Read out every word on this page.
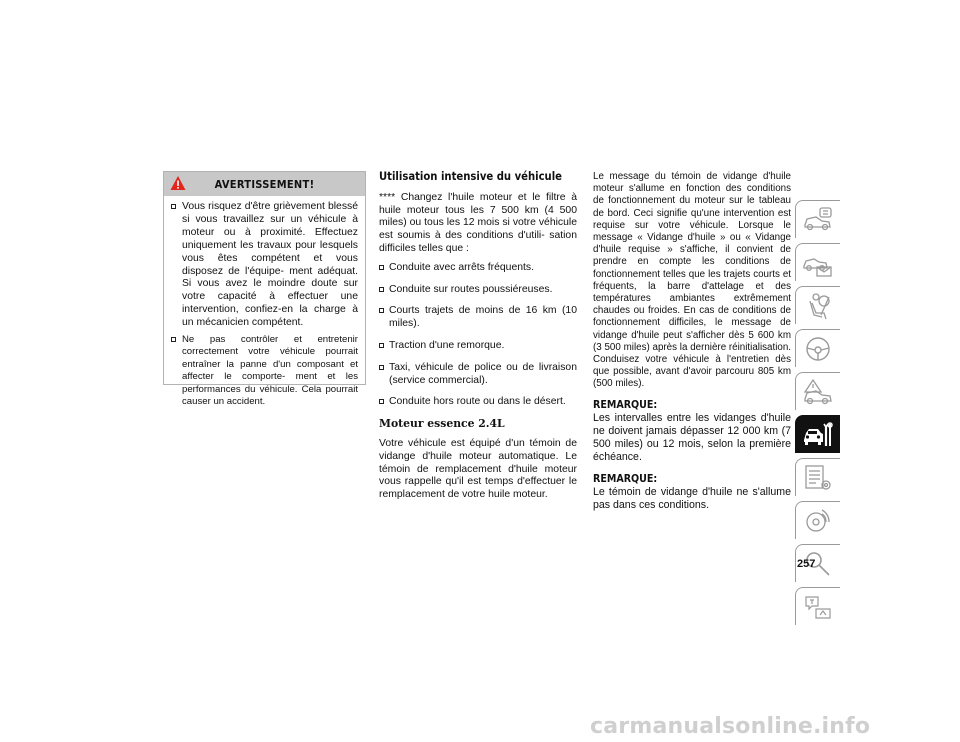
AVERTISSEMENT!
Vous risquez d'être grièvement blessé si vous travaillez sur un véhicule à moteur ou à proximité. Effectuez uniquement les travaux pour lesquels vous êtes compétent et vous disposez de l'équipe- ment adéquat. Si vous avez le moindre doute sur votre capacité à effectuer une intervention, confiez-en la charge à un mécanicien compétent.
Ne pas contrôler et entretenir correctement votre véhicule pourrait entraîner la panne d'un composant et affecter le comporte- ment et les performances du véhicule. Cela pourrait causer un accident.
Utilisation intensive du véhicule

**** Changez l'huile moteur et le filtre à huile moteur tous les 7 500 km (4 500 miles) ou tous les 12 mois si votre véhicule est soumis à des conditions d'utili- sation difficiles telles que :

Conduite avec arrêts fréquents.
Conduite sur routes poussiéreuses.
Courts trajets de moins de 16 km (10 miles).
Traction d'une remorque.
Taxi, véhicule de police ou de livraison (service commercial).
Conduite hors route ou dans le désert.
Moteur essence 2.4L

Votre véhicule est équipé d'un témoin de vidange d'huile moteur automatique. Le témoin de remplacement d'huile moteur vous rappelle qu'il est temps d'effectuer le remplacement de votre huile moteur.

Le message du témoin de vidange d'huile moteur s'allume en fonction des conditions de fonctionnement du moteur sur le tableau de bord. Ceci signifie qu'une intervention est requise sur votre véhicule. Lorsque le message « Vidange d'huile » ou « Vidange d'huile requise » s'affiche, il convient de prendre en compte les conditions de fonctionnement telles que les trajets courts et fréquents, la barre d'attelage et des températures ambiantes extrêmement chaudes ou froides. En cas de conditions de fonctionnement difficiles, le message de vidange d'huile peut s'afficher dès 5 600 km (3 500 miles) après la dernière réinitialisation. Conduisez votre véhicule à l'entretien dès que possible, avant d'avoir parcouru 805 km (500 miles).

REMARQUE:

Les intervalles entre les vidanges d'huile ne doivent jamais dépasser 12 000 km (7 500 miles) ou 12 mois, selon la première échéance.

REMARQUE:

Le témoin de vidange d'huile ne s'allume pas dans ces conditions.

257
carmanualsonline.info
